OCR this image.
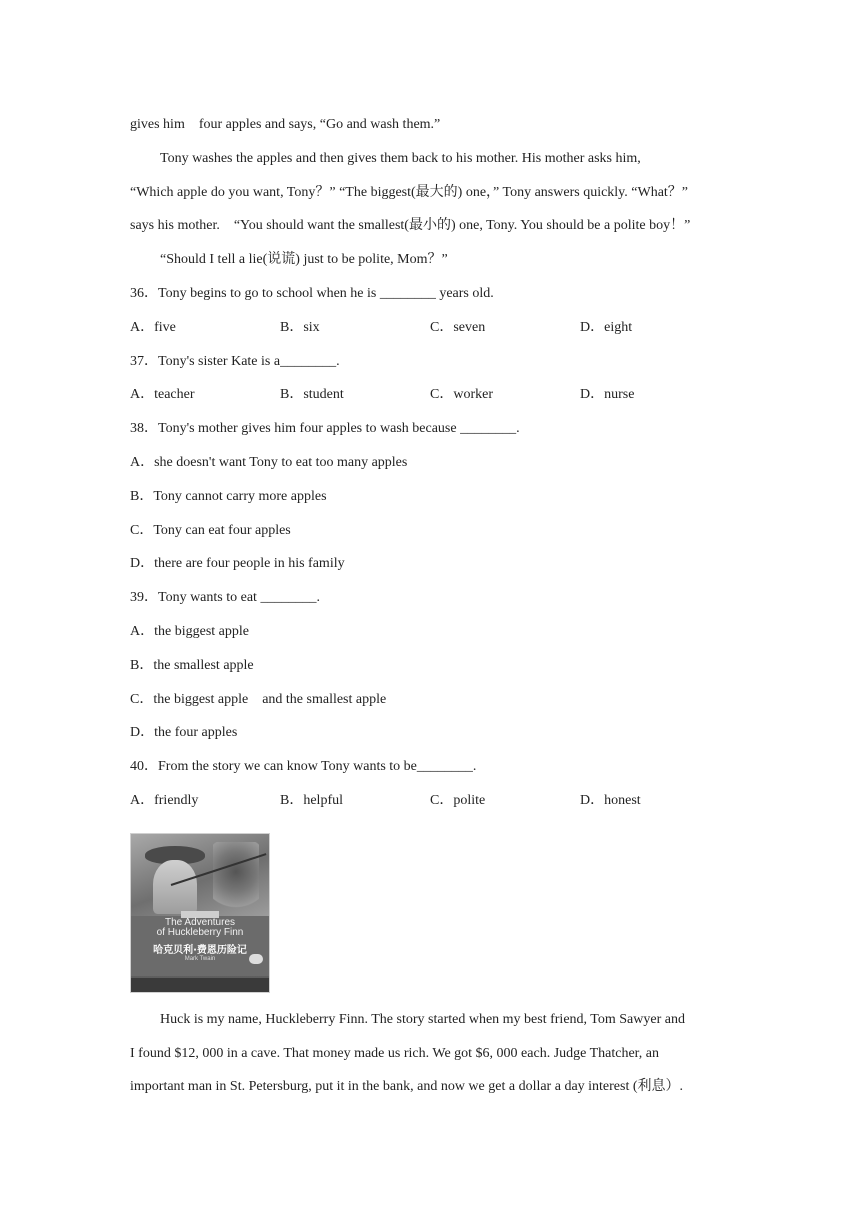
gives him    four apples and says, “Go and wash them.”
Tony washes the apples and then gives them back to his mother. His mother asks him,
“Which apple do you want, Tony？” “The biggest(最大的) one，” Tony answers quickly. “What？”
says his mother.    “You should want the smallest(最小的) one, Tony. You should be a polite boy！”
“Should I tell a lie(说谎) just to be polite, Mom？”
36．Tony begins to go to school when he is ________ years old.
A．five	B．six	C．seven	D．eight
37．Tony's sister Kate is a________.
A．teacher	B．student	C．worker	D．nurse
38．Tony's mother gives him four apples to wash because ________.
A．she doesn't want Tony to eat too many apples
B．Tony cannot carry more apples
C．Tony can eat four apples
D．there are four people in his family
39．Tony wants to eat ________.
A．the biggest apple
B．the smallest apple
C．the biggest apple    and the smallest apple
D．the four apples
40．From the story we can know Tony wants to be________.
A．friendly	B．helpful	C．polite	D．honest
The Adventures
of Huckleberry Finn
哈克贝利·费恩历险记
Mark Twain
Huck is my name, Huckleberry Finn. The story started when my best friend, Tom Sawyer and
I found $12, 000 in a cave. That money made us rich. We got $6, 000 each. Judge Thatcher, an
important man in St. Petersburg, put it in the bank, and now we get a dollar a day interest (利息）.
